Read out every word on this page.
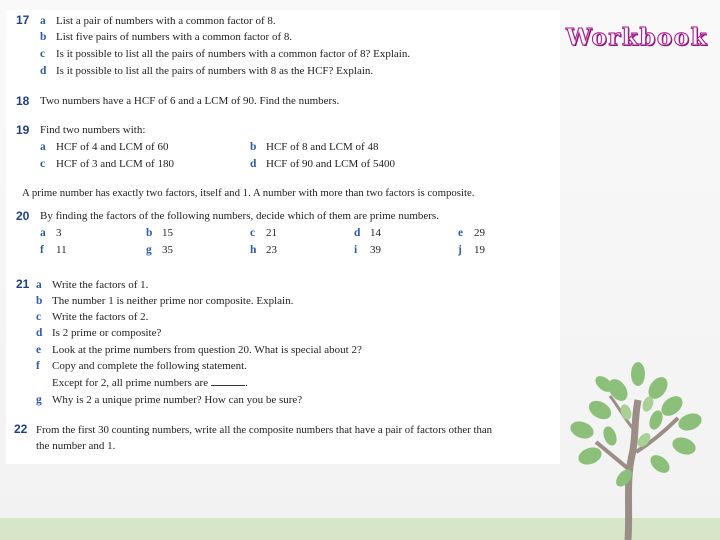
Workbook
17 a List a pair of numbers with a common factor of 8.
b List five pairs of numbers with a common factor of 8.
c Is it possible to list all the pairs of numbers with a common factor of 8? Explain.
d Is it possible to list all the pairs of numbers with 8 as the HCF? Explain.
18 Two numbers have a HCF of 6 and a LCM of 90. Find the numbers.
19 Find two numbers with:
a HCF of 4 and LCM of 60	b HCF of 8 and LCM of 48
c HCF of 3 and LCM of 180	d HCF of 90 and LCM of 5400
A prime number has exactly two factors, itself and 1. A number with more than two factors is composite.
20 By finding the factors of the following numbers, decide which of them are prime numbers.
a 3	b 15	c 21	d 14	e 29
f 11	g 35	h 23	i 39	j 19
21 a Write the factors of 1.
b The number 1 is neither prime nor composite. Explain.
c Write the factors of 2.
d Is 2 prime or composite?
e Look at the prime numbers from question 20. What is special about 2?
f Copy and complete the following statement.
Except for 2, all prime numbers are	.
g Why is 2 a unique prime number? How can you be sure?
22 From the first 30 counting numbers, write all the composite numbers that have a pair of factors other than
the number and 1.
